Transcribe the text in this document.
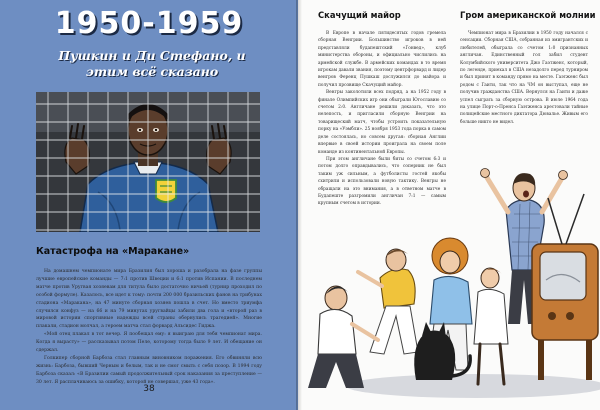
1950-1959

Пушкин и Ди Стефано, и этим всё сказано

Катастрофа на «Маракане»

На домашнем чемпионате мира Бразилия был хороша и разобрала на фазе группы лучшие европейские команды — 7:1 против Швеции и 6:1 против Испании. В последнем матче против Уругвая хозяевам для титула было достаточно ничьей (турнир проходил по особой формуле). Казалось, все идет к тому: почти 200 000 бразильских фанов на трибунах стадиона «Маракана», на 47 минуте сборная хозяев пошла в счет. Но вместо триумфа случился конфуз — на 66 и на 79 минутах уругвайцы забили два гола и «второй раз в мировой истории спортивные надежды всей страны обернулись трагедией». Многие плакали, стадион молчал, а героем матча стал форвард Альсидес Гиджа.

«Мой отец плакал в тот вечер. Я пообещал ему: я выиграю для тебя чемпионат мира. Когда я вырасту» — рассказывал потом Пеле, которому тогда было 9 лет. И обещание он сдержал.

Голкипер сборной Барбоза стал главным виновником поражения. Его обвиняли всю жизнь: Барбоза, бывший Черным и белым, так и не смог смыть с себя позор. В 1994 году Барбоза сказал: «В Бразилии самый продолжительный срок наказания за преступление — 30 лет. Я расплачиваюсь за ошибку, которой не совершал, уже 43 года».

38
Скачущий майор

В Европе в начале пятидесятых годов гремела сборная Венгрии. Большинство игроков в ней представляли будапештский «Гонвед», клуб министерства обороны, и официально числились на армейской службе. В армейских командах в то время игрокам давали звания, поэтому центрфорвард и лидер венгров Ференц Пушкаш дослужился до майора и получил прозвище Скачущий майор.

Венгры заколотили всех подряд, а на 1952 году в финале Олимпийских игр они обыграли Югославию со счетом 2:0. Англичане решили доказать, что это нелепость, и пригласили сборную Венгрии на товарищеский матч, чтобы устроить показательную порку на «Уэмбли». 25 ноября 1953 года порка в самом деле состоялась, но совсем другая: сборная Англии впервые в своей истории проиграла на своем поле команде из континентальной Европы.

При этом англичане были биты со счетом 6:3 и потом долго оправдывались, что соперник не был таким уж сильным, а футболисты гостей якобы схитрили и использовали новую тактику. Венгры не обращали на это внимания, а в ответном матче в Будапеште разгромили англичан 7:1 — самым крупным счетом в истории.

Гром американской молнии

Чемпионат мира в Бразилии в 1950 году начался с сенсации. Сборная США, собранная из эмигрантских и любителей, обыграла со счетом 1:0 признанных англичан. Единственный гол забил студент Колумбийского университета Джо Гаэтженс, который, по легенде, приехал в США незадолго перед турниром и был принят в команду прямо на месте. Гаэтженс был родом с Гаити, так что на ЧМ он выступал, еще не получив гражданства США. Вернулся на Гаити и даже успел сыграть за сборную острова. В июле 1964 года на улице Порт-о-Пренса Гаэтженса арестовали тайные полицейские местного диктатора Дювалье. Живым его больше никто не видел.
